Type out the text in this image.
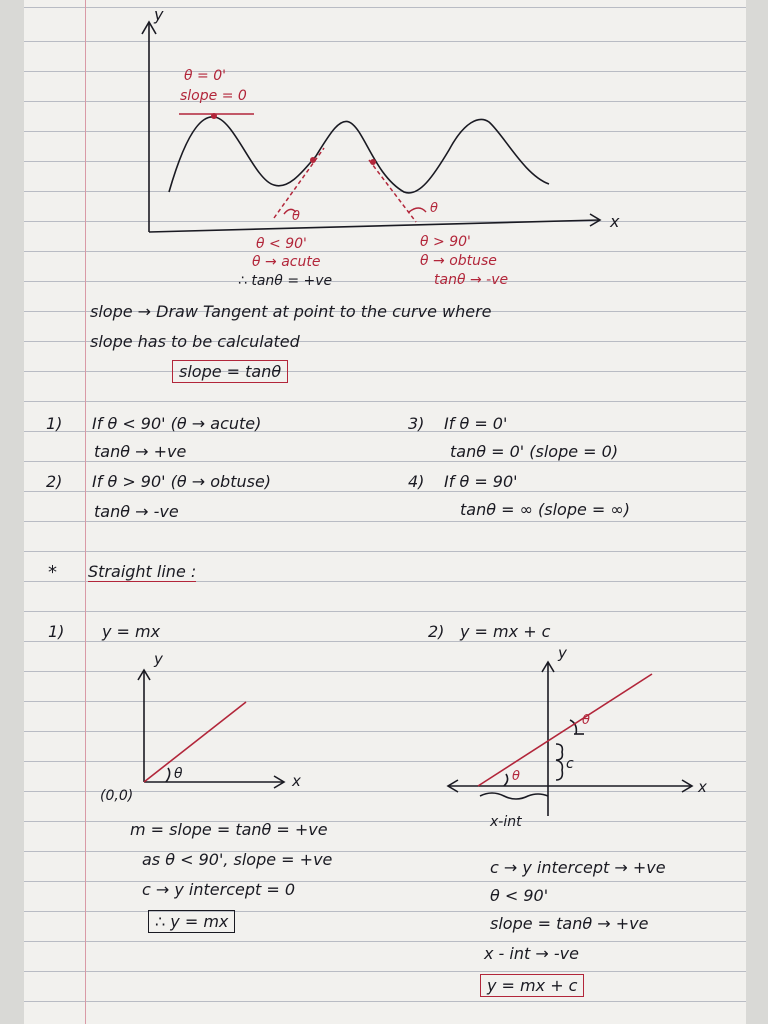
y
x
θ
θ
θ = 0'
slope = 0
θ < 90'
θ → acute
∴ tanθ = +ve
θ > 90'
θ → obtuse
tanθ → -ve
slope → Draw Tangent at point to the curve where
slope has to be calculated
slope = tanθ
1) If θ < 90' (θ → acute)
tanθ → +ve
2) If θ > 90' (θ → obtuse)
tanθ → -ve
3) If θ = 0'
tanθ = 0' (slope = 0)
4) If θ = 90'
tanθ = ∞ (slope = ∞)
* Straight line :
1) y = mx
y
x
θ
(0,0)
m = slope = tanθ = +ve
as θ < 90', slope = +ve
c → y intercept = 0
∴ y = mx
2) y = mx + c
y
x
θ
θ
c
x-int
c → y intercept → +ve
θ < 90'
slope = tanθ → +ve
x - int → -ve
y = mx + c
